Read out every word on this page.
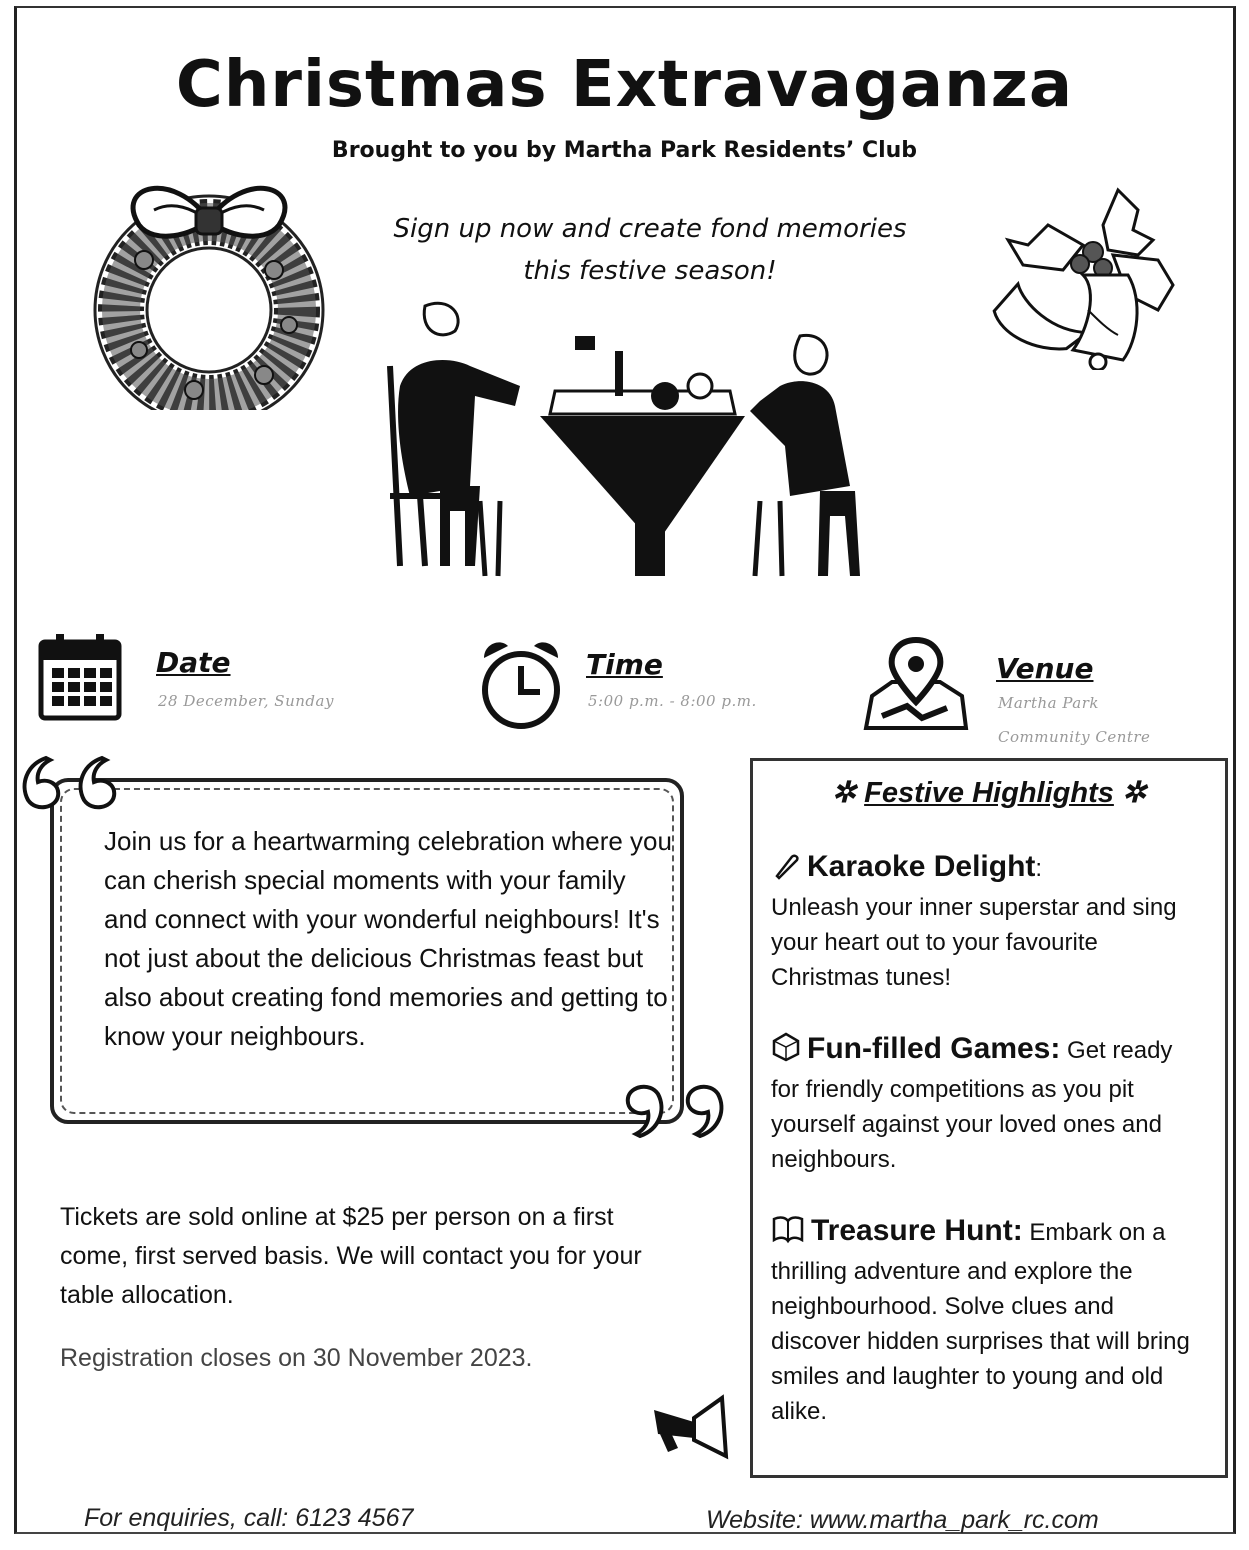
Christmas Extravaganza
Brought to you by Martha Park Residents’ Club
Sign up now and create fond memories
this festive season!
Date
28 December, Sunday
Time
5:00 p.m. - 8:00 p.m.
Venue
Martha Park
Community Centre
Join us for a heartwarming celebration where you can cherish special moments with your family and connect with your wonderful neighbours! It's not just about the delicious Christmas feast but also about creating fond memories and getting to know your neighbours.
Tickets are sold online at $25 per person on a first come, first served basis. We will contact you for your table allocation.
Registration closes on 30 November 2023.
✲ Festive Highlights ✲
Karaoke Delight:
Unleash your inner superstar and sing your heart out to your favourite Christmas tunes!
Fun-filled Games: Get ready for friendly competitions as you pit yourself against your loved ones and neighbours.
Treasure Hunt: Embark on a thrilling adventure and explore the neighbourhood. Solve clues and discover hidden surprises that will bring smiles and laughter to young and old alike.
For enquiries, call: 6123 4567	Website: www.martha_park_rc.com
